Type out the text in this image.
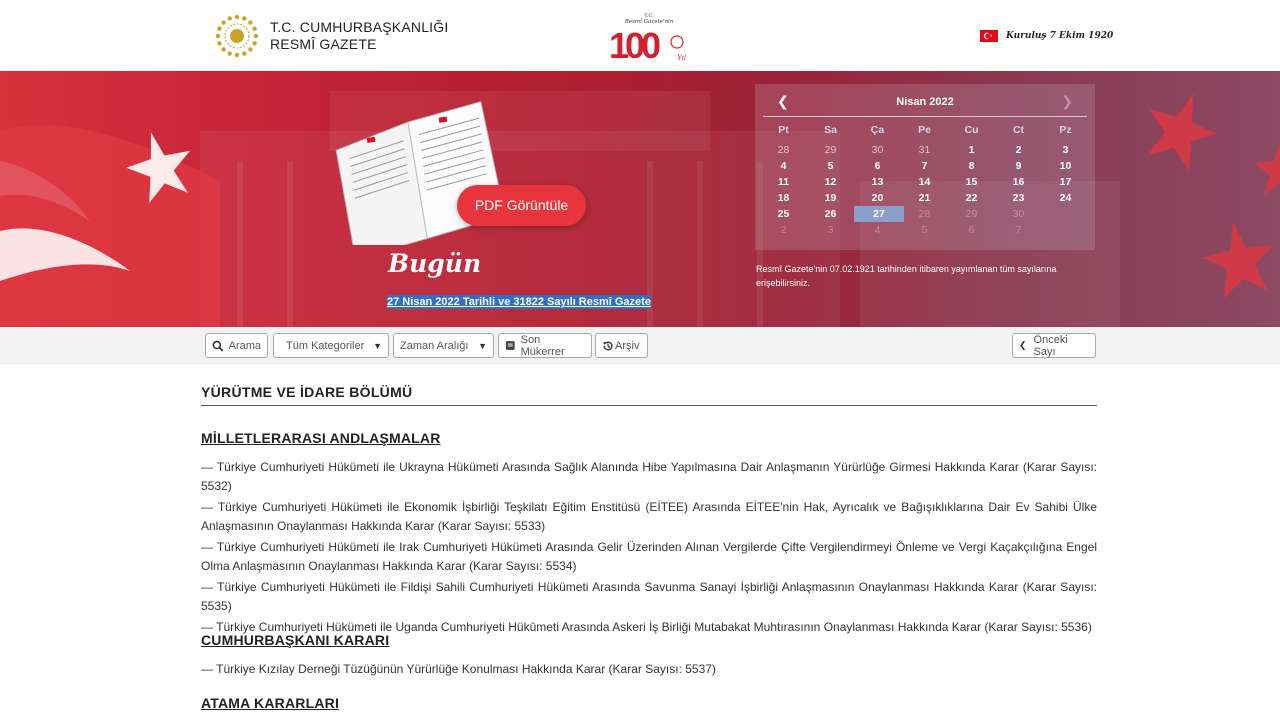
T.C. CUMHURBAŞKANLIĞI
RESMÎ GAZETE
T.C.
Resmî Gazete'nin
100	Yıl
Kuruluş 7 Ekim 1920
PDF Görüntüle
Bugün
27 Nisan 2022 Tarihli ve 31822 Sayılı Resmî Gazete
❮	Nisan 2022	❯
Pt	Sa	Ça	Pe	Cu	Ct	Pz
28	29	30	31	1	2	3
4	5	6	7	8	9	10
11	12	13	14	15	16	17
18	19	20	21	22	23	24
25	26	27	28	29	30
2	3	4	5	6	7
Resmî Gazete'nin 07.02.1921 tarihinden itibaren yayımlanan tüm sayılarına erişebilirsiniz.
Arama Tüm Kategoriler ▼ Zaman Aralığı ▼	Son Mükerrer	Arşiv	❮ Önceki Sayı
YÜRÜTME VE İDARE BÖLÜMÜ
MİLLETLERARASI ANDLAŞMALAR
— Türkiye Cumhuriyeti Hükümeti ile Ukrayna Hükümeti Arasında Sağlık Alanında Hibe Yapılmasına Dair Anlaşmanın Yürürlüğe Girmesi Hakkında Karar (Karar Sayısı: 5532)
— Türkiye Cumhuriyeti Hükümeti ile Ekonomik İşbirliği Teşkilatı Eğitim Enstitüsü (EİTEE) Arasında EİTEE'nin Hak, Ayrıcalık ve Bağışıklıklarına Dair Ev Sahibi Ülke Anlaşmasının Onaylanması Hakkında Karar (Karar Sayısı: 5533)
— Türkiye Cumhuriyeti Hükümeti ile Irak Cumhuriyeti Hükümeti Arasında Gelir Üzerinden Alınan Vergilerde Çifte Vergilendirmeyi Önleme ve Vergi Kaçakçılığına Engel Olma Anlaşmasının Onaylanması Hakkında Karar (Karar Sayısı: 5534)
— Türkiye Cumhuriyeti Hükümeti ile Fildişi Sahili Cumhuriyeti Hükümeti Arasında Savunma Sanayi İşbirliği Anlaşmasının Onaylanması Hakkında Karar (Karar Sayısı: 5535)
— Türkiye Cumhuriyeti Hükümeti ile Uganda Cumhuriyeti Hükûmeti Arasında Askeri İş Birliği Mutabakat Muhtırasının Onaylanması Hakkında Karar (Karar Sayısı: 5536)
CUMHURBAŞKANI KARARI
— Türkiye Kızılay Derneği Tüzüğünün Yürürlüğe Konulması Hakkında Karar (Karar Sayısı: 5537)
ATAMA KARARLARI
